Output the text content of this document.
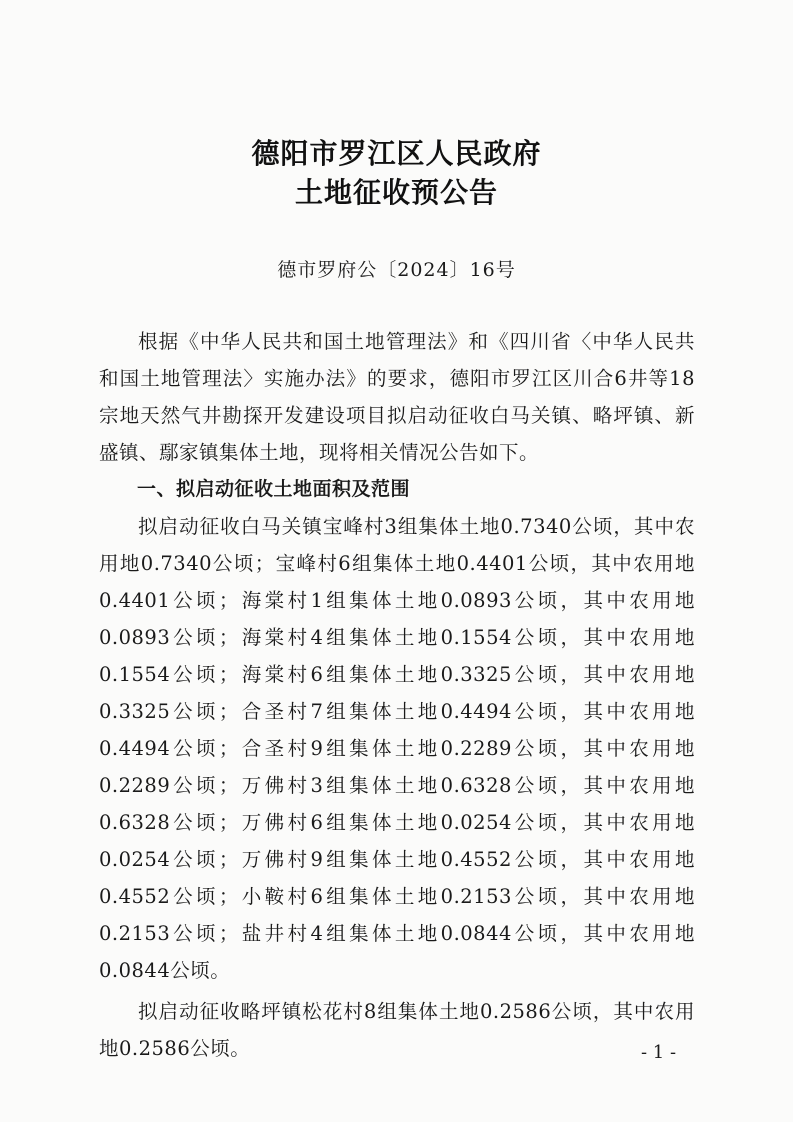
德阳市罗江区人民政府
土地征收预公告
德市罗府公〔2024〕16号

根据《中华人民共和国土地管理法》和《四川省〈中华人民共和国土地管理法〉实施办法》的要求，德阳市罗江区川合6井等18宗地天然气井勘探开发建设项目拟启动征收白马关镇、略坪镇、新盛镇、鄢家镇集体土地，现将相关情况公告如下。

一、拟启动征收土地面积及范围

拟启动征收白马关镇宝峰村3组集体土地0.7340公顷，其中农用地0.7340公顷；宝峰村6组集体土地0.4401公顷，其中农用地0.4401公顷；海棠村1组集体土地0.0893公顷，其中农用地0.0893公顷；海棠村4组集体土地0.1554公顷，其中农用地0.1554公顷；海棠村6组集体土地0.3325公顷，其中农用地0.3325公顷；合圣村7组集体土地0.4494公顷，其中农用地0.4494公顷；合圣村9组集体土地0.2289公顷，其中农用地0.2289公顷；万佛村3组集体土地0.6328公顷，其中农用地0.6328公顷；万佛村6组集体土地0.0254公顷，其中农用地0.0254公顷；万佛村9组集体土地0.4552公顷，其中农用地0.4552公顷；小鞍村6组集体土地0.2153公顷，其中农用地0.2153公顷；盐井村4组集体土地0.0844公顷，其中农用地0.0844公顷。

拟启动征收略坪镇松花村8组集体土地0.2586公顷，其中农用地0.2586公顷。	- 1 -
